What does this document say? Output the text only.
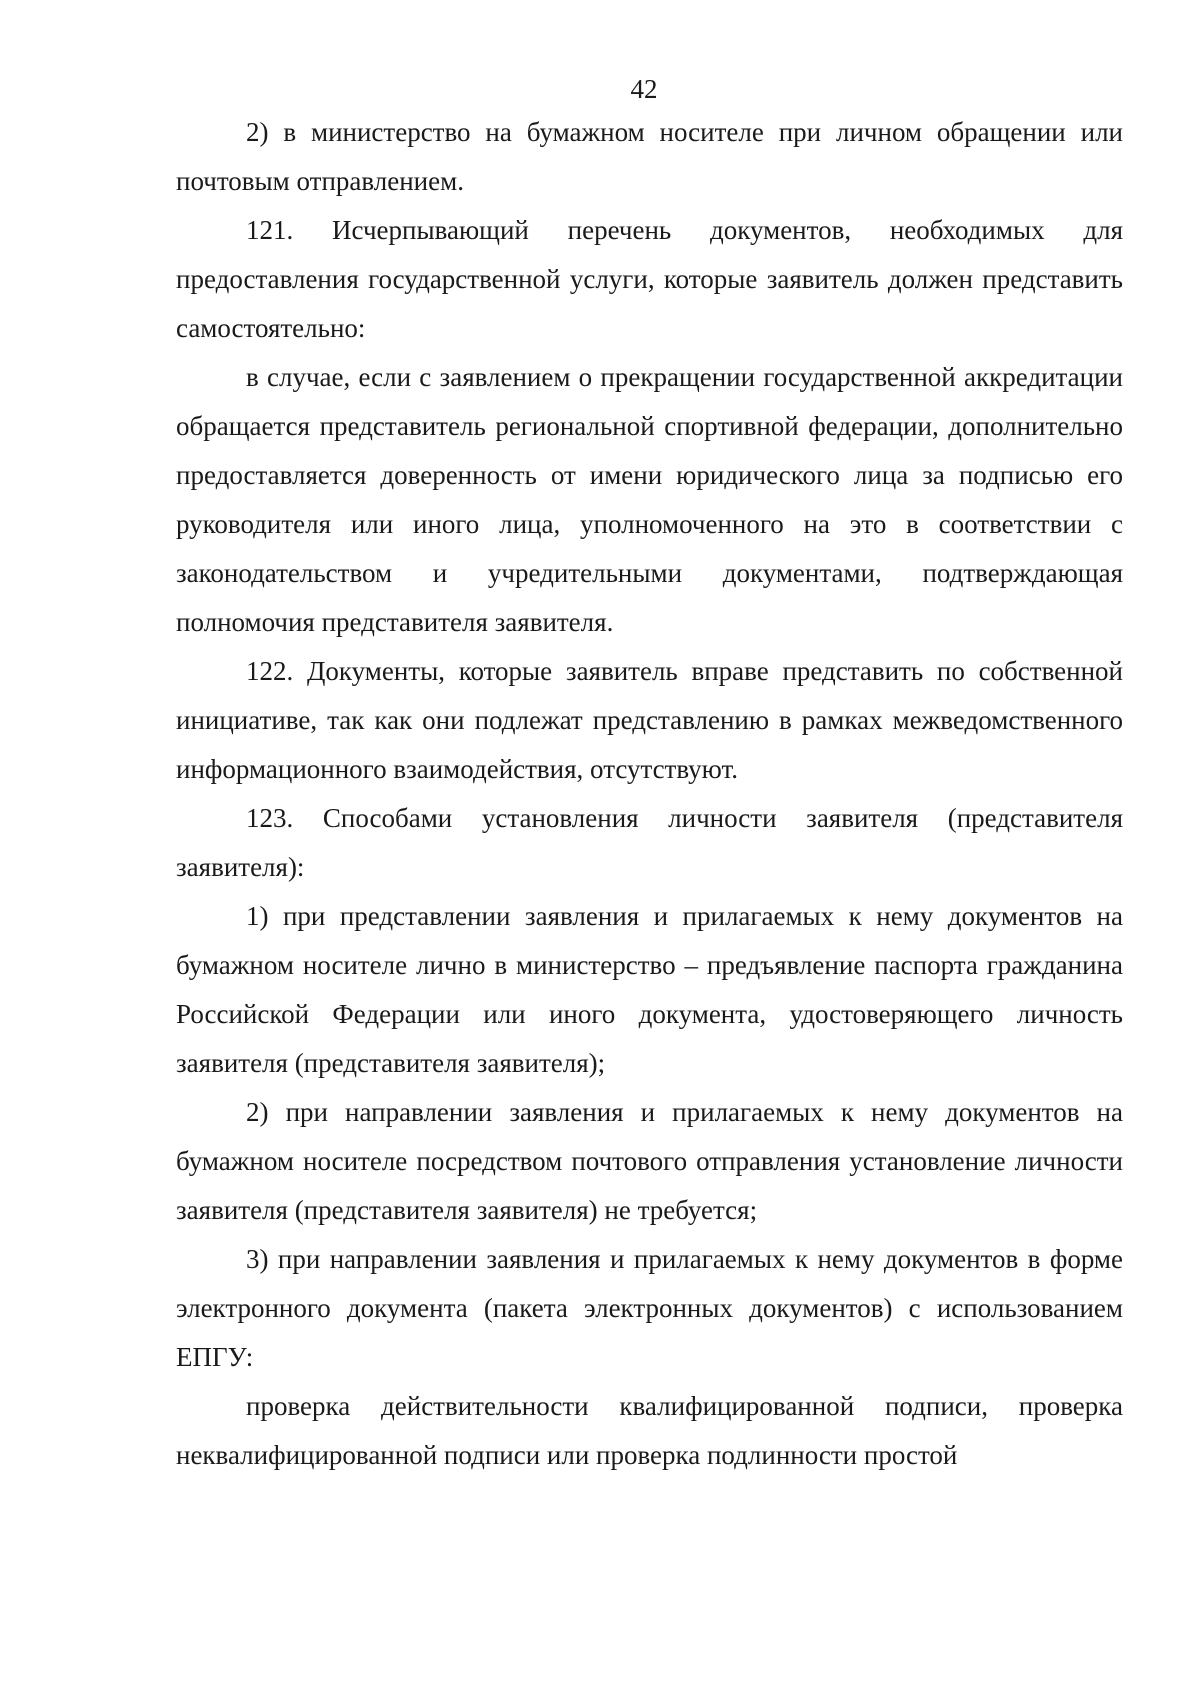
42

2) в министерство на бумажном носителе при личном обращении или почтовым отправлением.

121. Исчерпывающий перечень документов, необходимых для предоставления государственной услуги, которые заявитель должен представить самостоятельно:

в случае, если с заявлением о прекращении государственной аккредитации обращается представитель региональной спортивной федерации, дополнительно предоставляется доверенность от имени юридического лица за подписью его руководителя или иного лица, уполномоченного на это в соответствии с законодательством и учредительными документами, подтверждающая полномочия представителя заявителя.

122. Документы, которые заявитель вправе представить по собственной инициативе, так как они подлежат представлению в рамках межведомственного информационного взаимодействия, отсутствуют.

123. Способами установления личности заявителя (представителя заявителя):

1) при представлении заявления и прилагаемых к нему документов на бумажном носителе лично в министерство – предъявление паспорта гражданина Российской Федерации или иного документа, удостоверяющего личность заявителя (представителя заявителя);

2) при направлении заявления и прилагаемых к нему документов на бумажном носителе посредством почтового отправления установление личности заявителя (представителя заявителя) не требуется;

3) при направлении заявления и прилагаемых к нему документов в форме электронного документа (пакета электронных документов) с использованием ЕПГУ:

проверка действительности квалифицированной подписи, проверка неквалифицированной подписи или проверка подлинности простой
